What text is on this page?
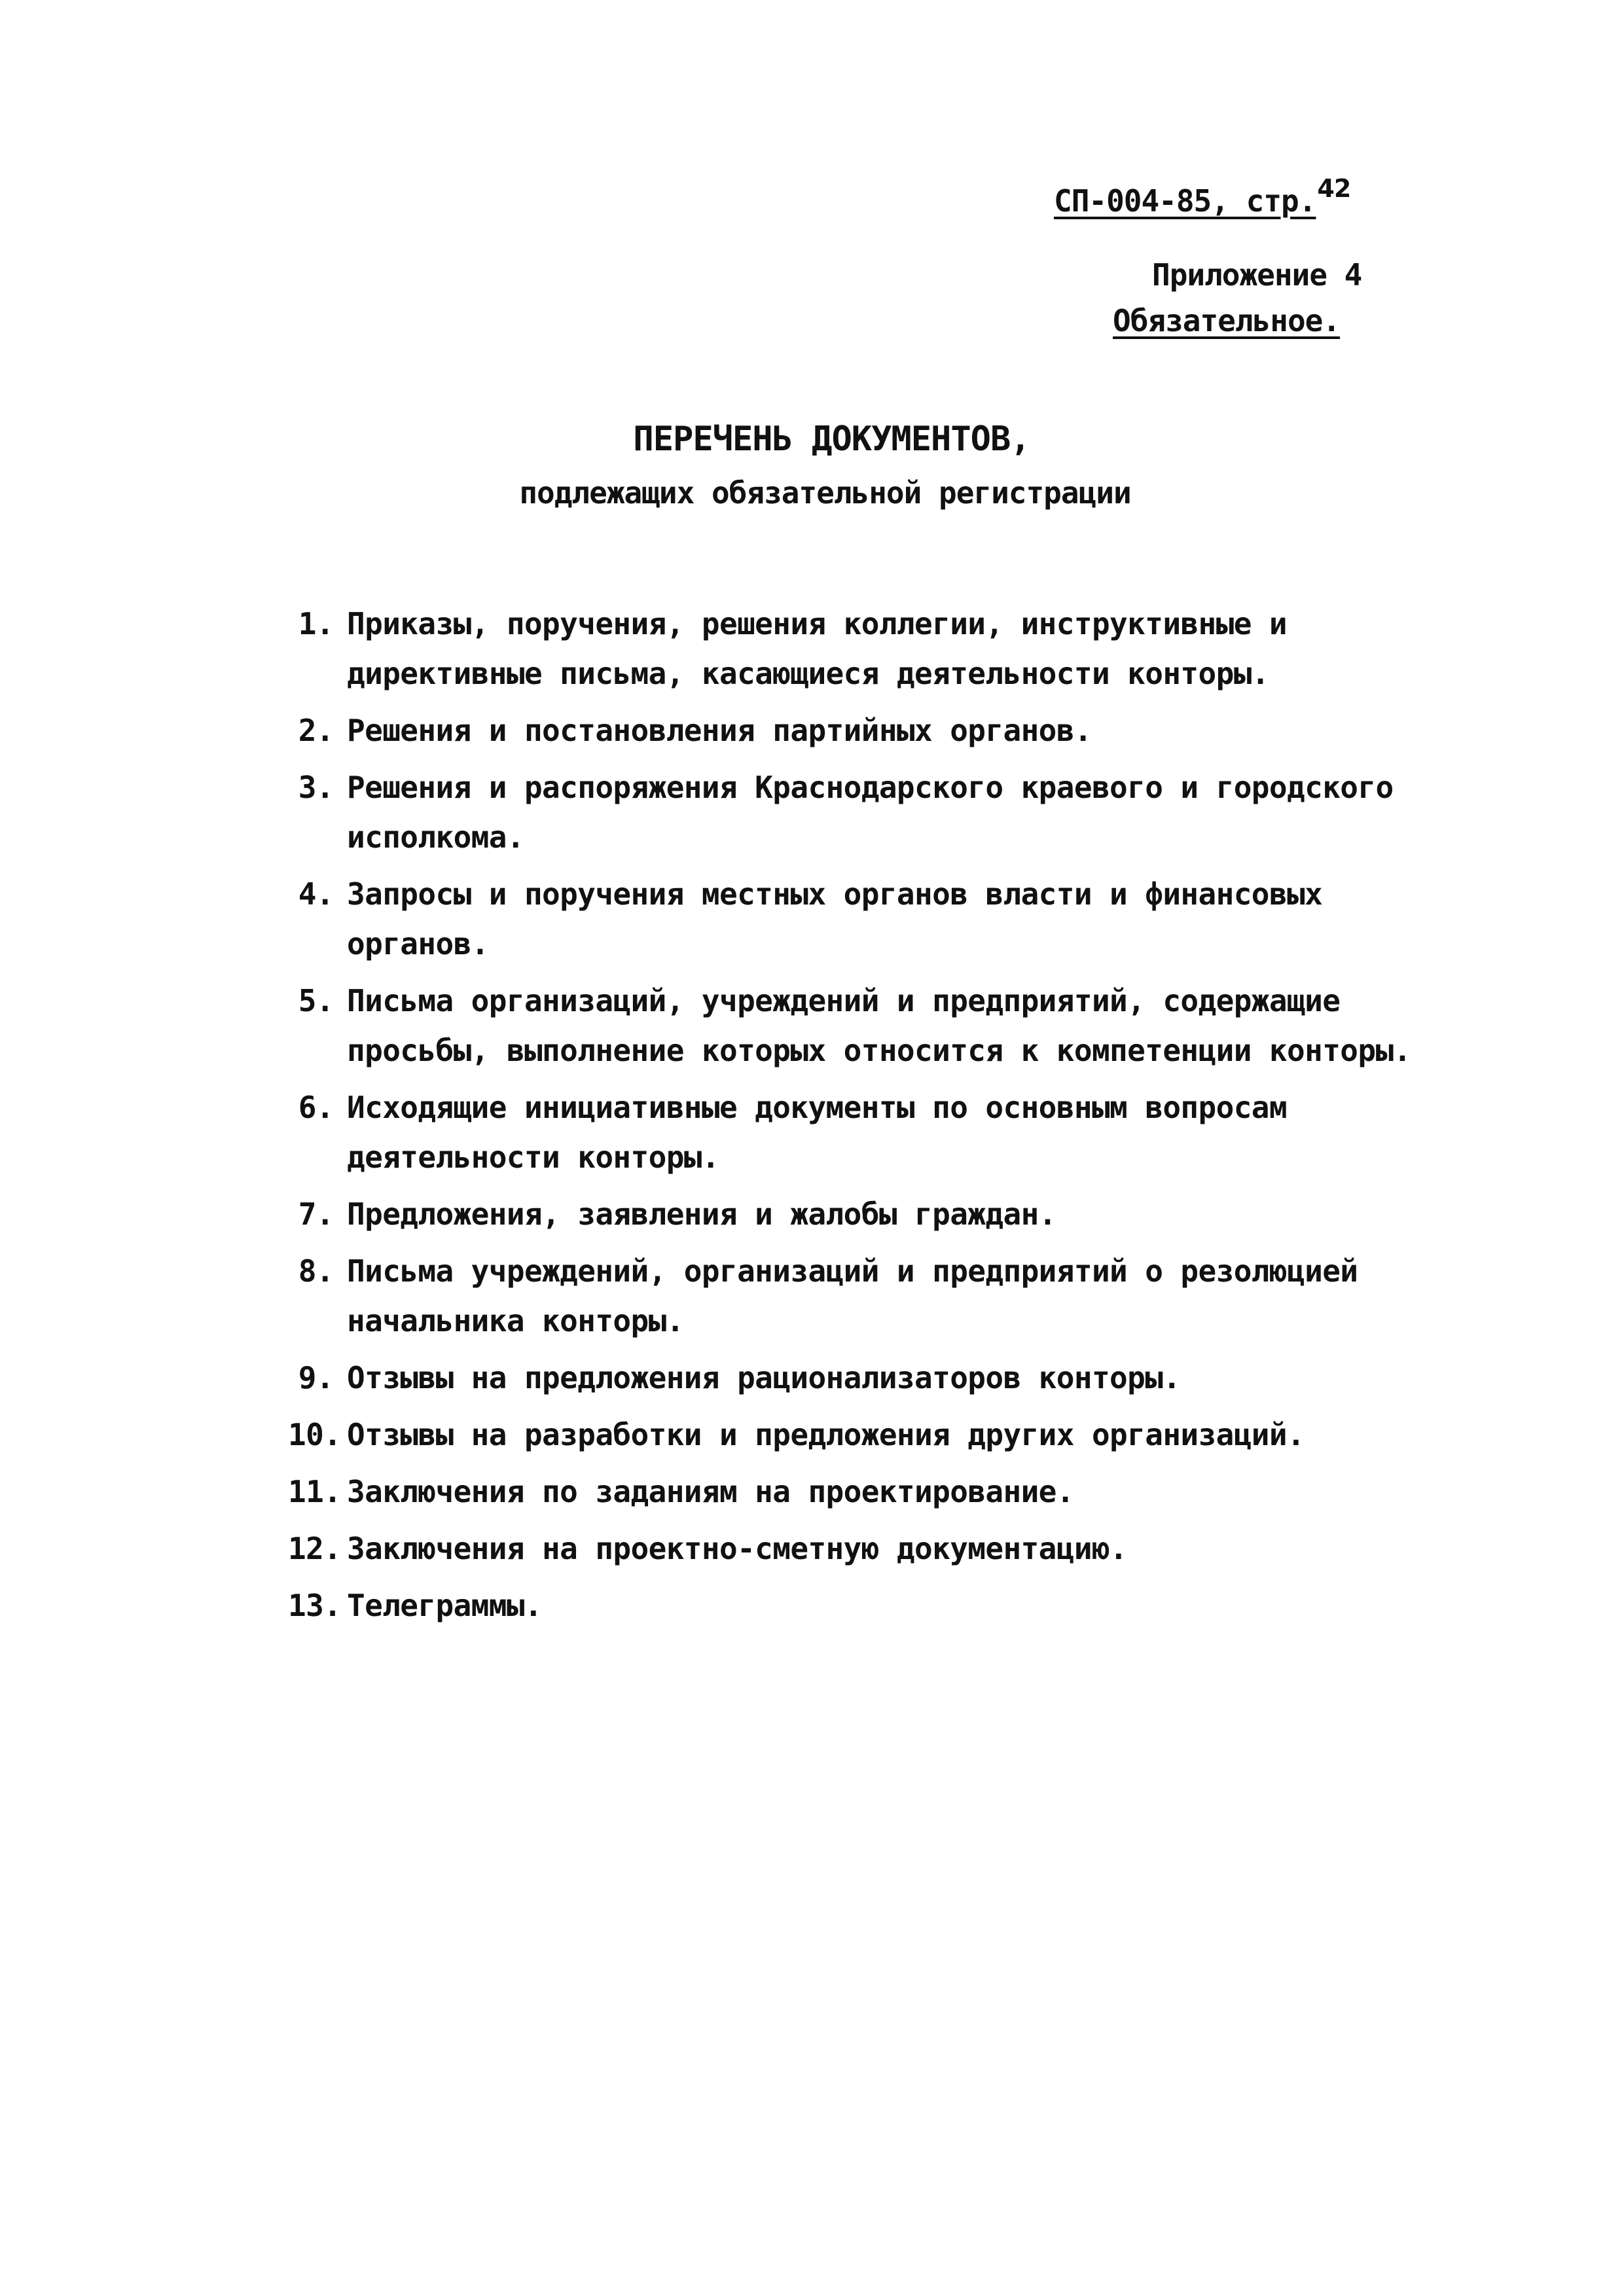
СП-004-85, стр.$^{42}$
Приложение 4
Обязательное.
ПЕРЕЧЕНЬ ДОКУМЕНТОВ,
подлежащих обязательной регистрации
1. Приказы, поручения, решения коллегии, инструктивные и директивные письма, касающиеся деятельности конторы.
2. Решения и постановления партийных органов.
3. Решения и распоряжения Краснодарского краевого и городского исполкома.
4. Запросы и поручения местных органов власти и финансовых органов.
5. Письма организаций, учреждений и предприятий, содержащие просьбы, выполнение которых относится к компетенции конторы.
6. Исходящие инициативные документы по основным вопросам деятельности конторы.
7. Предложения, заявления и жалобы граждан.
8. Письма учреждений, организаций и предприятий о резолюцией начальника конторы.
9. Отзывы на предложения рационализаторов конторы.
10. Отзывы на разработки и предложения других организаций.
11. Заключения по заданиям на проектирование.
12. Заключения на проектно-сметную документацию.
13. Телеграммы.
